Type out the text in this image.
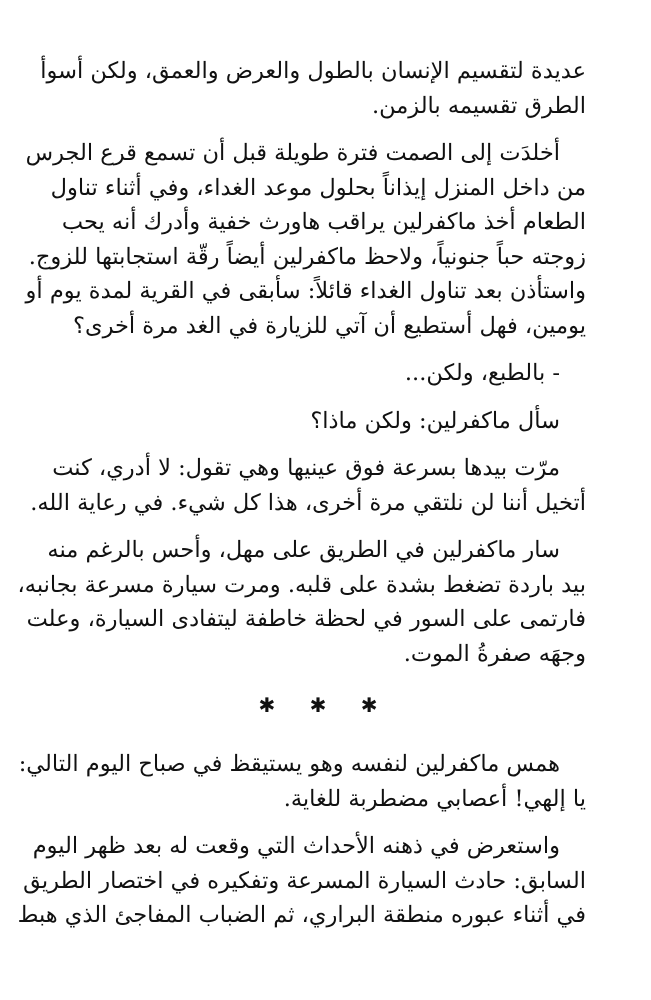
عديدة لتقسيم الإنسان بالطول والعرض والعمق، ولكن أسوأ
الطرق تقسيمه بالزمن.

أخلدَت إلى الصمت فترة طويلة قبل أن تسمع قرع الجرس
من داخل المنزل إيذاناً بحلول موعد الغداء، وفي أثناء تناول
الطعام أخذ ماكفرلين يراقب هاورث خفية وأدرك أنه يحب
زوجته حباً جنونياً، ولاحظ ماكفرلين أيضاً رقّة استجابتها للزوج.
واستأذن بعد تناول الغداء قائلاً: سأبقى في القرية لمدة يوم أو
يومين، فهل أستطيع أن آتي للزيارة في الغد مرة أخرى؟

- بالطبع، ولكن...

سأل ماكفرلين: ولكن ماذا؟

مرّت بيدها بسرعة فوق عينيها وهي تقول: لا أدري، كنت
أتخيل أننا لن نلتقي مرة أخرى، هذا كل شيء. في رعاية الله.

سار ماكفرلين في الطريق على مهل، وأحس بالرغم منه
بيد باردة تضغط بشدة على قلبه. ومرت سيارة مسرعة بجانبه،
فارتمى على السور في لحظة خاطفة ليتفادى السيارة، وعلت
وجهَه صفرةُ الموت.

✱ ✱ ✱

همس ماكفرلين لنفسه وهو يستيقظ في صباح اليوم التالي:
يا إلهي! أعصابي مضطربة للغاية.

واستعرض في ذهنه الأحداث التي وقعت له بعد ظهر اليوم
السابق: حادث السيارة المسرعة وتفكيره في اختصار الطريق
في أثناء عبوره منطقة البراري، ثم الضباب المفاجئ الذي هبط
